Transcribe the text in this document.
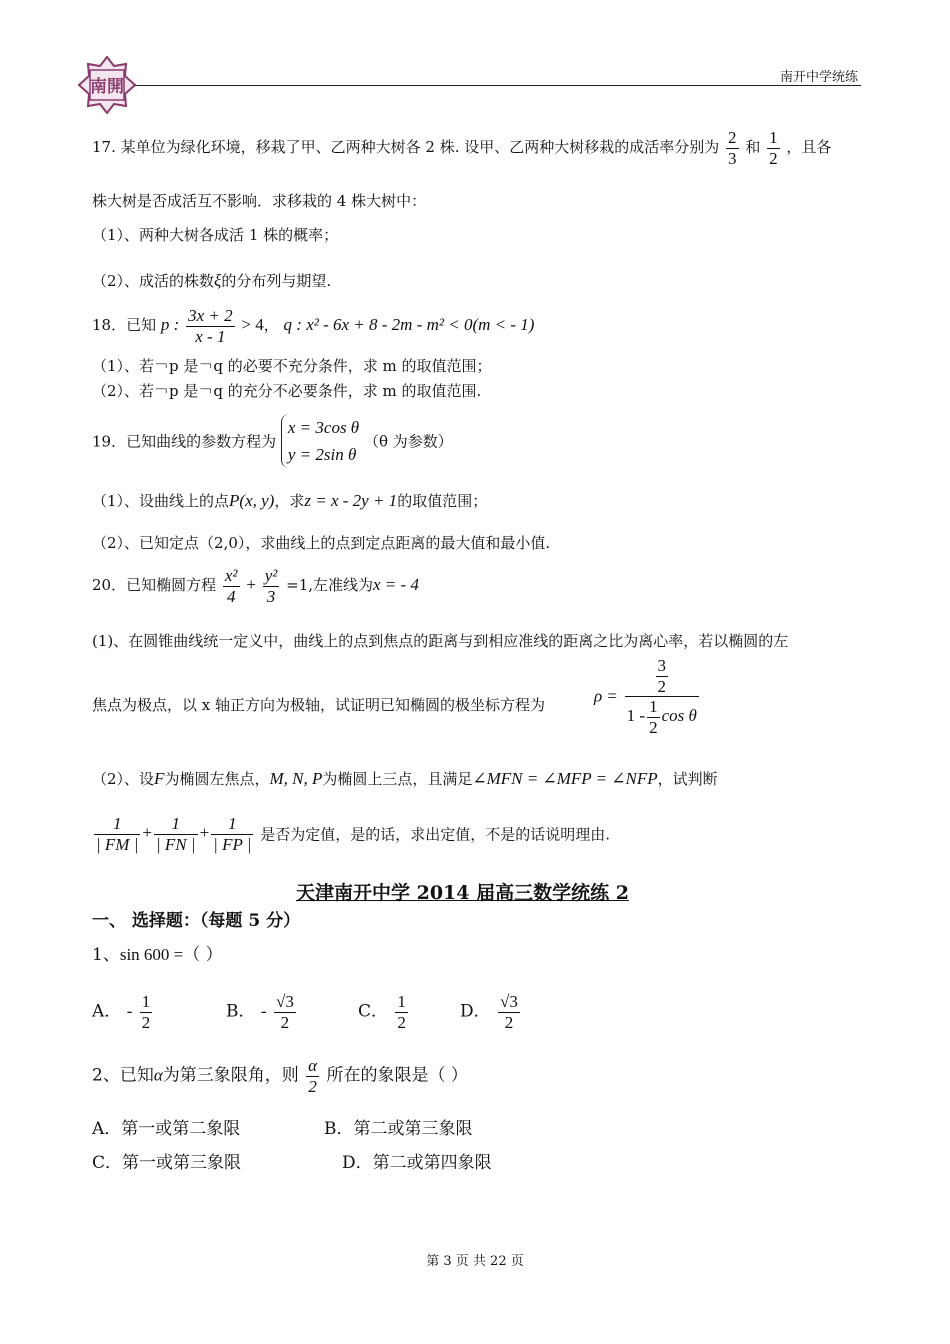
南開	南开中学统练
17. 某单位为绿化环境，移栽了甲、乙两种大树各 2 株. 设甲、乙两种大树移栽的成活率分别为 $\frac{2}{3}$ 和 $\frac{1}{2}$ ，且各
株大树是否成活互不影响．求移栽的 4 株大树中：
（1）、两种大树各成活 1 株的概率；
（2）、成活的株数ξ的分布列与期望.
18．已知 p : $\frac{3x + 2}{x - 1} > 4$， q : x² - 6x + 8 - 2m - m² < 0(m < - 1)
（1）、若￢p 是￢q 的必要不充分条件，求 m 的取值范围；
（2）、若￢p 是￢q 的充分不必要条件，求 m 的取值范围.
19．已知曲线的参数方程为
x = 3cos θ
y = 2sin θ
（θ 为参数）
（1）、设曲线上的点P(x, y)，求z = x - 2y + 1的取值范围；
（2）、已知定点（2,0），求曲线上的点到定点距离的最大值和最小值.
20．已知椭圆方程 $\frac{\text{x²}}{4} + \frac{\text{y²}}{3} =1$,左准线为x = - 4
(1)、在圆锥曲线统一定义中，曲线上的点到焦点的距离与到相应准线的距离之比为离心率，若以椭圆的左
焦点为极点，以 x 轴正方向为极轴，试证明已知椭圆的极坐标方程为	$\rho = \frac{\frac{3}{2}}{1 - \frac{1}{2} \cos \theta}$
（2）、设F为椭圆左焦点，M, N, P为椭圆上三点，且满足∠MFN = ∠MFP = ∠NFP，试判断
$\frac{1}{| FM |} + \frac{1}{| FN |} + \frac{1}{| FP |}$ 是否为定值，是的话，求出定值，不是的话说明理由.
天津南开中学 2014 届高三数学统练 2
一、 选择题：（每题 5 分）
1、sin 600 =（ ）
A． - $\frac{1}{2}$	B． - $\frac{√3}{2}$	C． $\frac{1}{2}$	D． $\frac{√3}{2}$
2、已知α为第三象限角，则 $\frac{\alpha}{2}$ 所在的象限是（ ）
A．第一或第二象限	B．第二或第三象限
C．第一或第三象限	D．第二或第四象限
第 3 页 共 22 页
